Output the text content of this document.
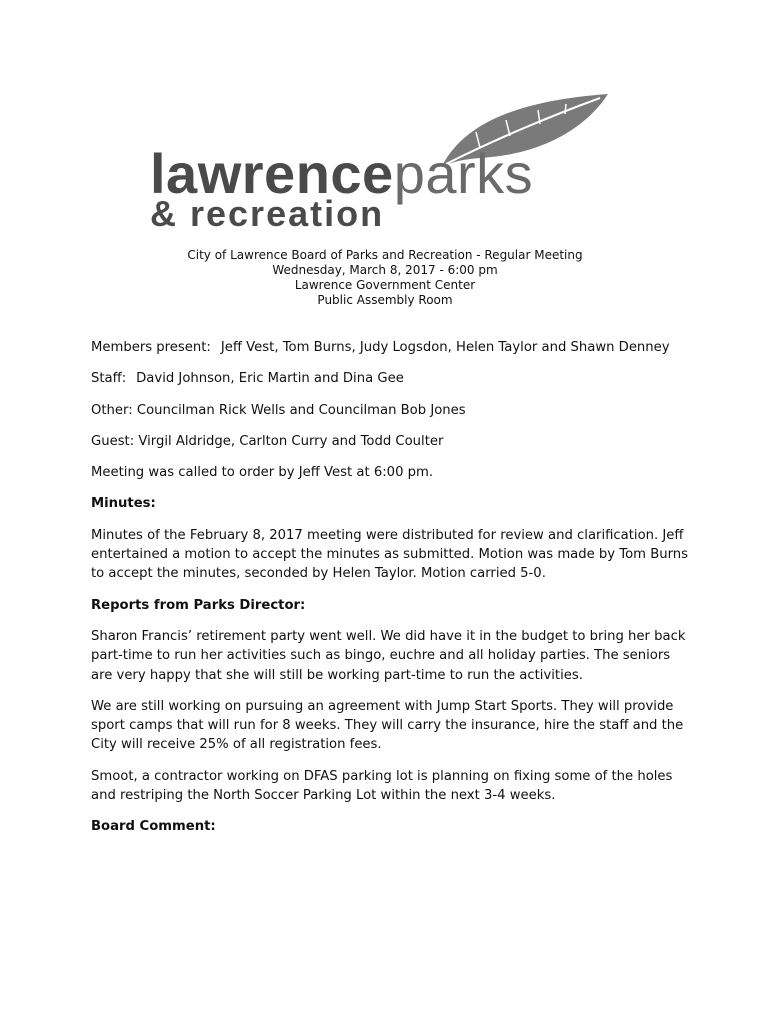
lawrenceparks
& recreation
City of Lawrence Board of Parks and Recreation - Regular Meeting
Wednesday, March 8, 2017 - 6:00 pm
Lawrence Government Center
Public Assembly Room

Members present: Jeff Vest, Tom Burns, Judy Logsdon, Helen Taylor and Shawn Denney

Staff: David Johnson, Eric Martin and Dina Gee

Other: Councilman Rick Wells and Councilman Bob Jones

Guest: Virgil Aldridge, Carlton Curry and Todd Coulter

Meeting was called to order by Jeff Vest at 6:00 pm.

Minutes:

Minutes of the February 8, 2017 meeting were distributed for review and clarification. Jeff entertained a motion to accept the minutes as submitted. Motion was made by Tom Burns to accept the minutes, seconded by Helen Taylor. Motion carried 5-0.

Reports from Parks Director:

Sharon Francis’ retirement party went well. We did have it in the budget to bring her back part-time to run her activities such as bingo, euchre and all holiday parties. The seniors are very happy that she will still be working part-time to run the activities.

We are still working on pursuing an agreement with Jump Start Sports. They will provide sport camps that will run for 8 weeks. They will carry the insurance, hire the staff and the City will receive 25% of all registration fees.

Smoot, a contractor working on DFAS parking lot is planning on fixing some of the holes and restriping the North Soccer Parking Lot within the next 3-4 weeks.

Board Comment:
